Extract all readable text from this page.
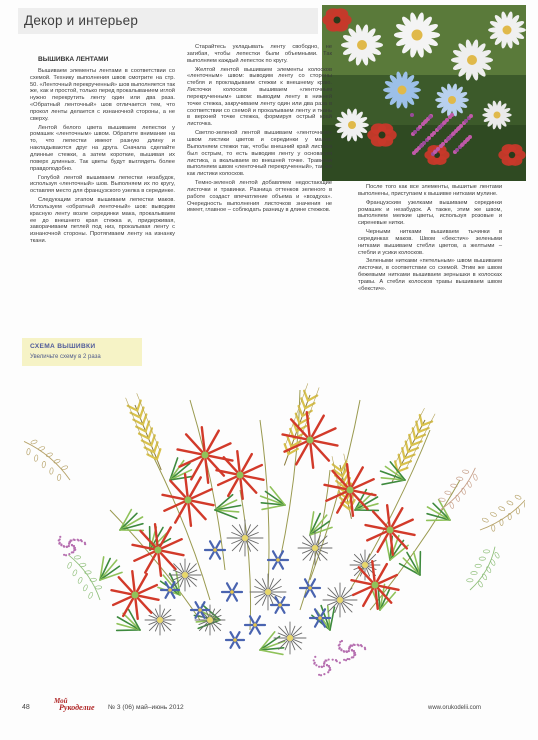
Декор и интерьер
ВЫШИВКА ЛЕНТАМИ

Вышиваем элементы лентами в соответствии со схемой. Технику выполнения швов смотрите на стр. 50. «Ленточный перекрученный» шов выполняется так же, как и простой, только перед прокалыванием иглой нужно перекрутить ленту один или два раза. «Обратный ленточный» шов отличается тем, что прокол ленты делается с изнаночной стороны, а не сверху.

Лентой белого цвета вышиваем лепестки у ромашек «ленточным» швом. Обратите внимание на то, что лепестки имеют разную длину и накладываются друг на друга. Сначала сделайте длинные стежки, а затем короткие, вышивая их поверх длинных. Так цветы будут выглядеть более правдоподобно.

Голубой лентой вышиваем лепестки незабудок, используя «ленточный» шов. Выполняем их по кругу, оставляя место для французского узелка в серединке.

Следующим этапом вышиваем лепестки маков. Используем «обратный ленточный» шов: выводим красную ленту возле серединки мака, прокалываем ее до внешнего края стежка и, придерживая, заворачиваем петлей под низ, прокалывая ленту с изнаночной стороны. Протягиваем ленту на изнанку ткани.

Старайтесь укладывать ленту свободно, не загибая, чтобы лепестки были объемными. Так выполняем каждый лепесток по кругу.

Желтой лентой вышиваем элементы колосков «ленточным» швом: выводим ленту со стороны стебля и прокладываем стежки к внешнему краю. Листочки колосков вышиваем «ленточным перекрученным» швом: выводим ленту в нижней точке стежка, закручиваем ленту один или два раза в соответствии со схемой и прокалываем ленту и ткань в верхней точке стежка, формируя острый край листочка.

Светло-зеленой лентой вышиваем «ленточным» швом листики цветов и серединки у маков. Выполняем стежки так, чтобы внешний край листика был острым, то есть выводим ленту у основания листика, а вкалываем во внешней точке. Травинки выполняем швом «ленточный перекрученный», так же как листики колосков.

Темно-зеленой лентой добавляем недостающие листочки и травинки. Разница оттенков зеленого в работе создаст впечатление объема и «воздуха». Очередность выполнения листочков значения не имеет, главное – соблюдать разницу в длине стежков.

После того как все элементы, вышитые лентами выполнены, приступаем к вышивке нитками мулине.

Французским узелками вышиваем серединки ромашек и незабудок. А также, этим же швом, выполняем мелкие цветы, используя розовые и сиреневые нитки.

Черными нитками вышиваем тычинки в серединках маков. Швом «бекстич» зелеными нитками вышиваем стебли цветов, а желтыми – стебли и усики колосков.

Зелеными нитками «петельным» швом вышиваем листочки, в соответствии со схемой. Этим же швом бежевыми нитками вышиваем зернышки в колосках травы. А стебли колосков травы вышиваем швом «бекстич».

СХЕМА ВЫШИВКИ
Увеличьте схему в 2 раза
48
Мой
Рукоделие № 3 (06) май–июнь 2012	www.orukodelii.com
